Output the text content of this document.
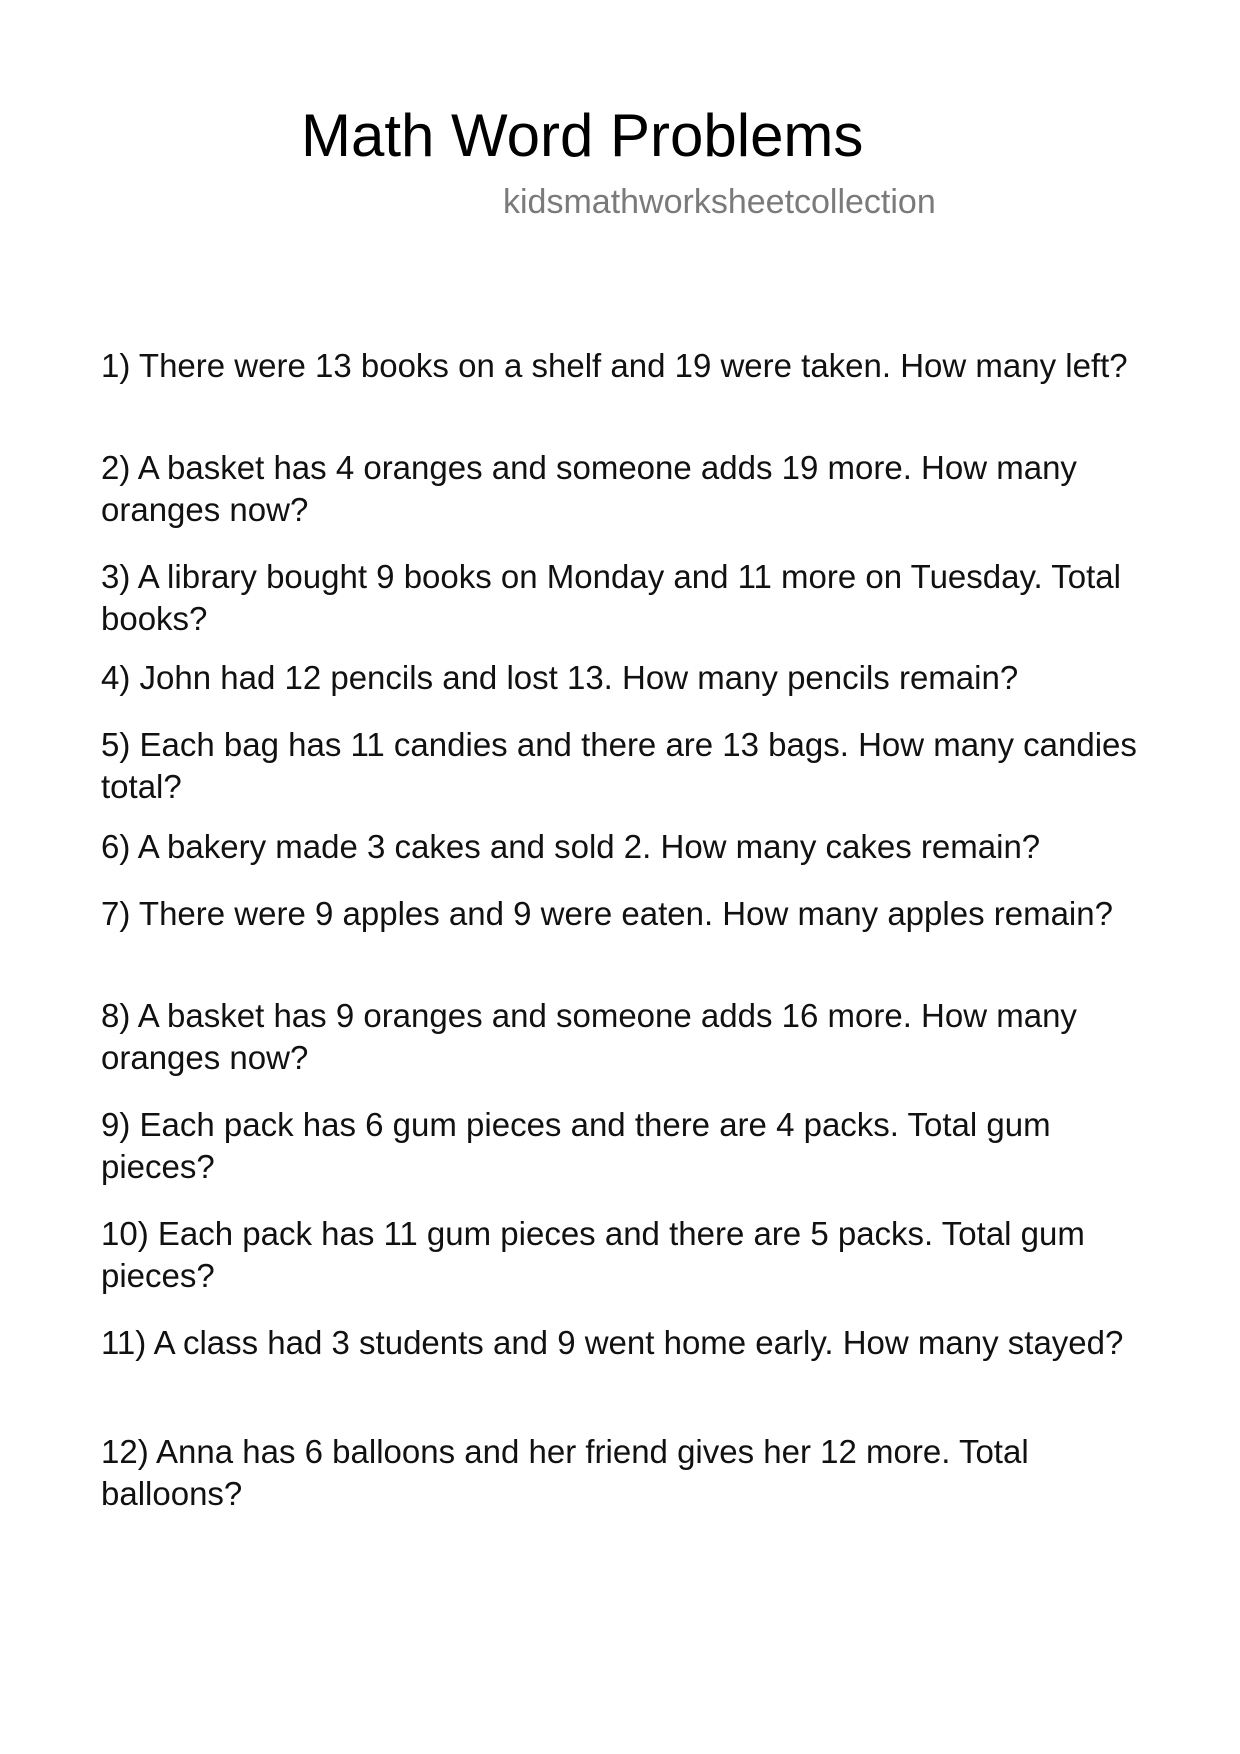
Math Word Problems
kidsmathworksheetcollection
1) There were 13 books on a shelf and 19 were taken. How many left?
2) A basket has 4 oranges and someone adds 19 more. How many oranges now?
3) A library bought 9 books on Monday and 11 more on Tuesday. Total books?
4) John had 12 pencils and lost 13. How many pencils remain?
5) Each bag has 11 candies and there are 13 bags. How many candies total?
6) A bakery made 3 cakes and sold 2. How many cakes remain?
7) There were 9 apples and 9 were eaten. How many apples remain?
8) A basket has 9 oranges and someone adds 16 more. How many oranges now?
9) Each pack has 6 gum pieces and there are 4 packs. Total gum pieces?
10) Each pack has 11 gum pieces and there are 5 packs. Total gum pieces?
11) A class had 3 students and 9 went home early. How many stayed?
12) Anna has 6 balloons and her friend gives her 12 more. Total balloons?
